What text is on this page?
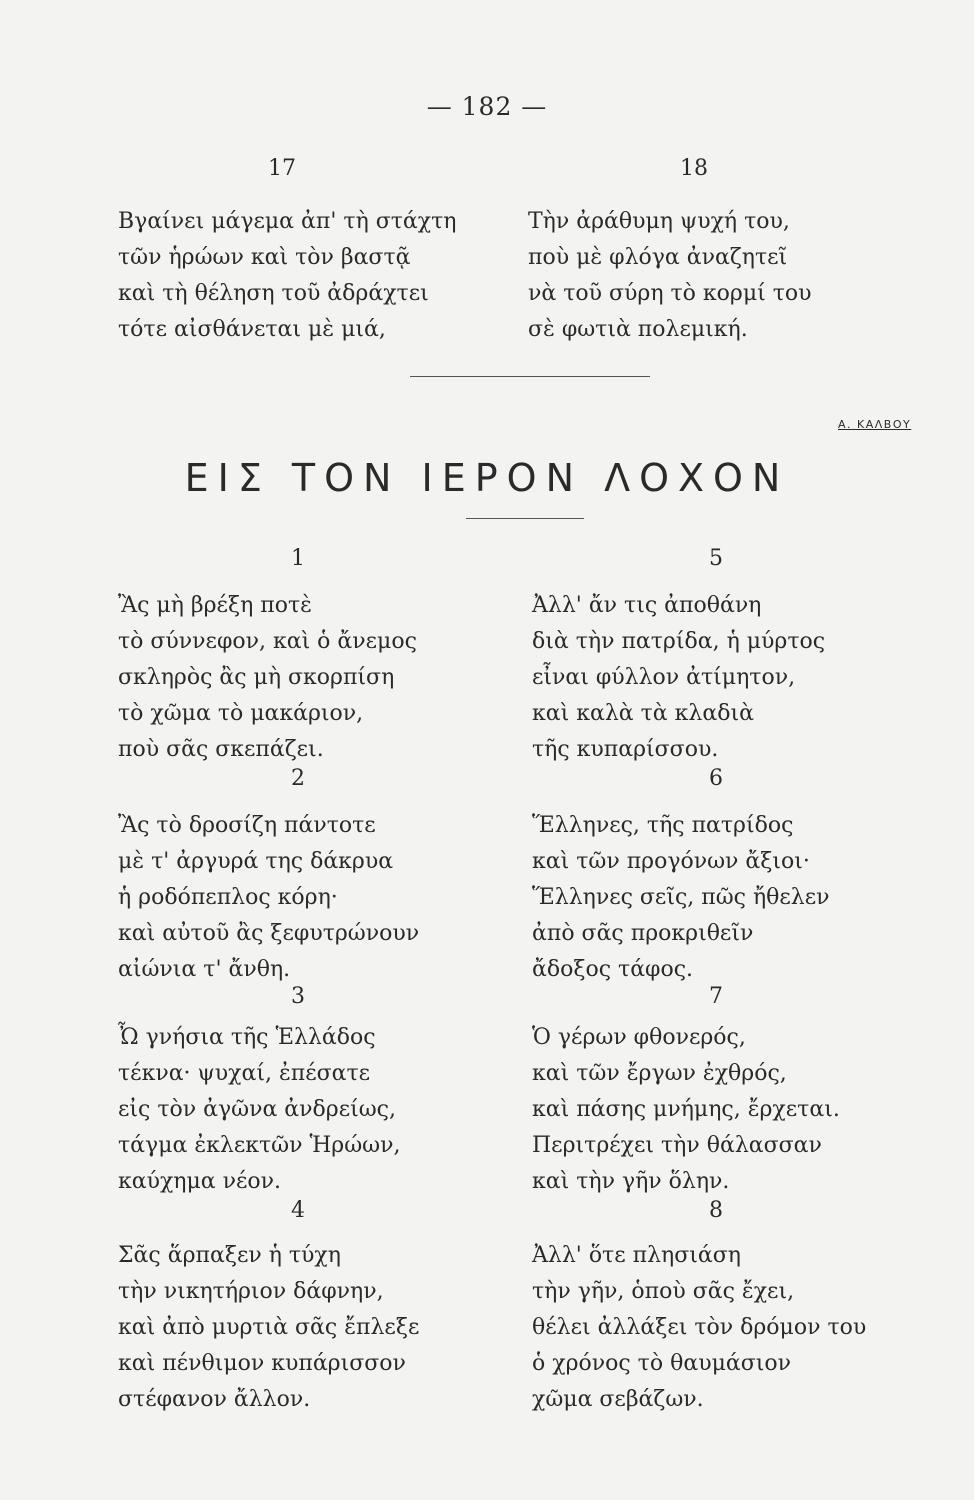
— 182 —
17
Βγαίνει μάγεμα ἀπ' τὴ στάχτη
τῶν ἡρώων καὶ τὸν βαστᾷ
καὶ τὴ θέληση τοῦ ἀδράχτει
τότε αἰσθάνεται μὲ μιά,
18
Τὴν ἀράθυμη ψυχή του,
ποὺ μὲ φλόγα ἀναζητεῖ
νὰ τοῦ σύρη τὸ κορμί του
σὲ φωτιὰ πολεμική.
Α. ΚΑΛΒΟΥ
ΕΙΣ ΤΟΝ ΙΕΡΟΝ ΛΟΧΟΝ
1
Ἂς μὴ βρέξη ποτὲ
τὸ σύννεφον, καὶ ὁ ἄνεμος
σκληρὸς ἂς μὴ σκορπίση
τὸ χῶμα τὸ μακάριον,
ποὺ σᾶς σκεπάζει.
2
Ἂς τὸ δροσίζη πάντοτε
μὲ τ' ἀργυρά της δάκρυα
ἡ ροδόπεπλος κόρη·
καὶ αὐτοῦ ἂς ξεφυτρώνουν
αἰώνια τ' ἄνθη.
3
Ὦ γνήσια τῆς Ἑλλάδος
τέκνα· ψυχαί, ἐπέσατε
εἰς τὸν ἀγῶνα ἀνδρείως,
τάγμα ἐκλεκτῶν Ἡρώων,
καύχημα νέον.
4
Σᾶς ἅρπαξεν ἡ τύχη
τὴν νικητήριον δάφνην,
καὶ ἀπὸ μυρτιὰ σᾶς ἔπλεξε
καὶ πένθιμον κυπάρισσον
στέφανον ἄλλον.
5
Ἀλλ' ἄν τις ἀποθάνη
διὰ τὴν πατρίδα, ἡ μύρτος
εἶναι φύλλον ἀτίμητον,
καὶ καλὰ τὰ κλαδιὰ
τῆς κυπαρίσσου.
6
Ἕλληνες, τῆς πατρίδος
καὶ τῶν προγόνων ἄξιοι·
Ἕλληνες σεῖς, πῶς ἤθελεν
ἀπὸ σᾶς προκριθεῖν
ἄδοξος τάφος.
7
Ὁ γέρων φθονερός,
καὶ τῶν ἔργων ἐχθρός,
καὶ πάσης μνήμης, ἔρχεται.
Περιτρέχει τὴν θάλασσαν
καὶ τὴν γῆν ὅλην.
8
Ἀλλ' ὅτε πλησιάση
τὴν γῆν, ὁποὺ σᾶς ἔχει,
θέλει ἀλλάξει τὸν δρόμον του
ὁ χρόνος τὸ θαυμάσιον
χῶμα σεβάζων.
